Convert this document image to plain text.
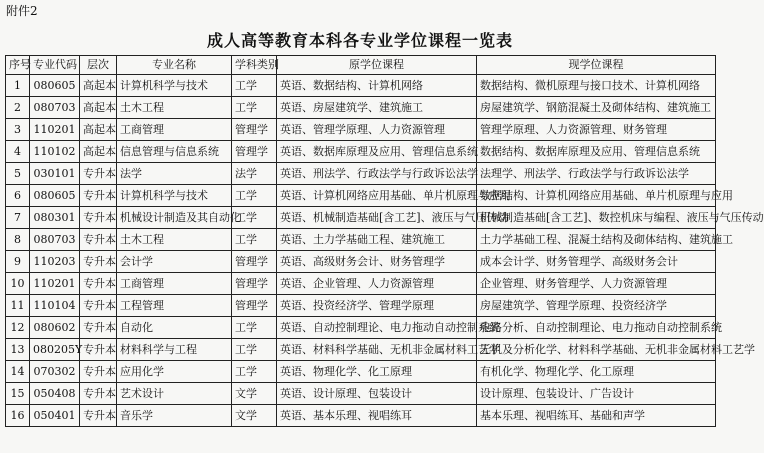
附件2
成人高等教育本科各专业学位课程一览表
序号	专业代码	层次	专业名称	学科类别	原学位课程	现学位课程
1	080605	高起本	计算机科学与技术	工学	英语、数据结构、计算机网络	数据结构、微机原理与接口技术、计算机网络
2	080703	高起本	土木工程	工学	英语、房屋建筑学、建筑施工	房屋建筑学、钢筋混凝土及砌体结构、建筑施工
3	110201	高起本	工商管理	管理学	英语、管理学原理、人力资源管理	管理学原理、人力资源管理、财务管理
4	110102	高起本	信息管理与信息系统	管理学	英语、数据库原理及应用、管理信息系统	数据结构、数据库原理及应用、管理信息系统
5	030101	专升本	法学	法学	英语、刑法学、行政法学与行政诉讼法学	法理学、刑法学、行政法学与行政诉讼法学
6	080605	专升本	计算机科学与技术	工学	英语、计算机网络应用基础、单片机原理与应用	数据结构、计算机网络应用基础、单片机原理与应用
7	080301	专升本	机械设计制造及其自动化	工学	英语、机械制造基础[含工艺]、液压与气压传动	机械制造基础[含工艺]、数控机床与编程、液压与气压传动
8	080703	专升本	土木工程	工学	英语、土力学基础工程、建筑施工	土力学基础工程、混凝土结构及砌体结构、建筑施工
9	110203	专升本	会计学	管理学	英语、高级财务会计、财务管理学	成本会计学、财务管理学、高级财务会计
10	110201	专升本	工商管理	管理学	英语、企业管理、人力资源管理	企业管理、财务管理学、人力资源管理
11	110104	专升本	工程管理	管理学	英语、投资经济学、管理学原理	房屋建筑学、管理学原理、投资经济学
12	080602	专升本	自动化	工学	英语、自动控制理论、电力拖动自动控制系统	电路分析、自动控制理论、电力拖动自动控制系统
13	080205Y	专升本	材料科学与工程	工学	英语、材料科学基础、无机非金属材料工艺学	无机及分析化学、材料科学基础、无机非金属材料工艺学
14	070302	专升本	应用化学	工学	英语、物理化学、化工原理	有机化学、物理化学、化工原理
15	050408	专升本	艺术设计	文学	英语、设计原理、包装设计	设计原理、包装设计、广告设计
16	050401	专升本	音乐学	文学	英语、基本乐理、视唱练耳	基本乐理、视唱练耳、基础和声学
